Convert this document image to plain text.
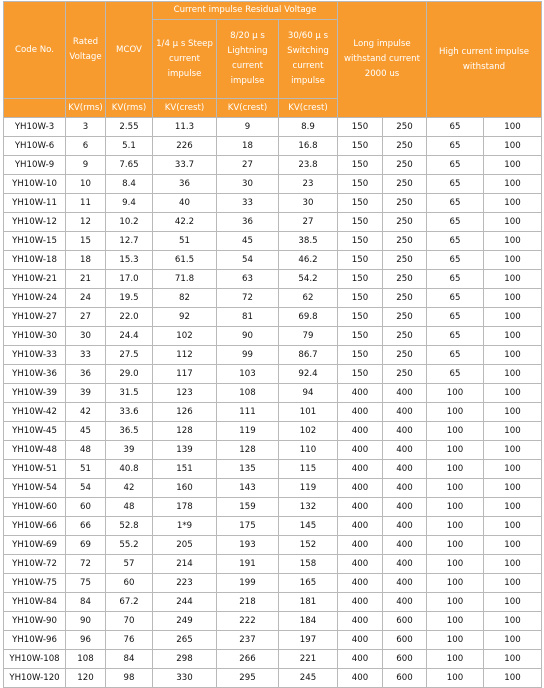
Code No.	Rated Voltage	MCOV	Current impulse Residual Voltage			Long impulse withstand current 2000 us		High current impulse withstand	
			1/4 μ s Steep current impulse	8/20 μ s Lightning current impulse	30/60 μ s Switching current impulse				
	KV(rms)	KV(rms)	KV(crest)	KV(crest)	KV(crest)				
YH10W-3	3	2.55	11.3	9	8.9	150	250	65	100
YH10W-6	6	5.1	226	18	16.8	150	250	65	100
YH10W-9	9	7.65	33.7	27	23.8	150	250	65	100
YH10W-10	10	8.4	36	30	23	150	250	65	100
YH10W-11	11	9.4	40	33	30	150	250	65	100
YH10W-12	12	10.2	42.2	36	27	150	250	65	100
YH10W-15	15	12.7	51	45	38.5	150	250	65	100
YH10W-18	18	15.3	61.5	54	46.2	150	250	65	100
YH10W-21	21	17.0	71.8	63	54.2	150	250	65	100
YH10W-24	24	19.5	82	72	62	150	250	65	100
YH10W-27	27	22.0	92	81	69.8	150	250	65	100
YH10W-30	30	24.4	102	90	79	150	250	65	100
YH10W-33	33	27.5	112	99	86.7	150	250	65	100
YH10W-36	36	29.0	117	103	92.4	150	250	65	100
YH10W-39	39	31.5	123	108	94	400	400	100	100
YH10W-42	42	33.6	126	111	101	400	400	100	100
YH10W-45	45	36.5	128	119	102	400	400	100	100
YH10W-48	48	39	139	128	110	400	400	100	100
YH10W-51	51	40.8	151	135	115	400	400	100	100
YH10W-54	54	42	160	143	119	400	400	100	100
YH10W-60	60	48	178	159	132	400	400	100	100
YH10W-66	66	52.8	1*9	175	145	400	400	100	100
YH10W-69	69	55.2	205	193	152	400	400	100	100
YH10W-72	72	57	214	191	158	400	400	100	100
YH10W-75	75	60	223	199	165	400	400	100	100
YH10W-84	84	67.2	244	218	181	400	400	100	100
YH10W-90	90	70	249	222	184	400	600	100	100
YH10W-96	96	76	265	237	197	400	600	100	100
YH10W-108	108	84	298	266	221	400	600	100	100
YH10W-120	120	98	330	295	245	400	600	100	100
